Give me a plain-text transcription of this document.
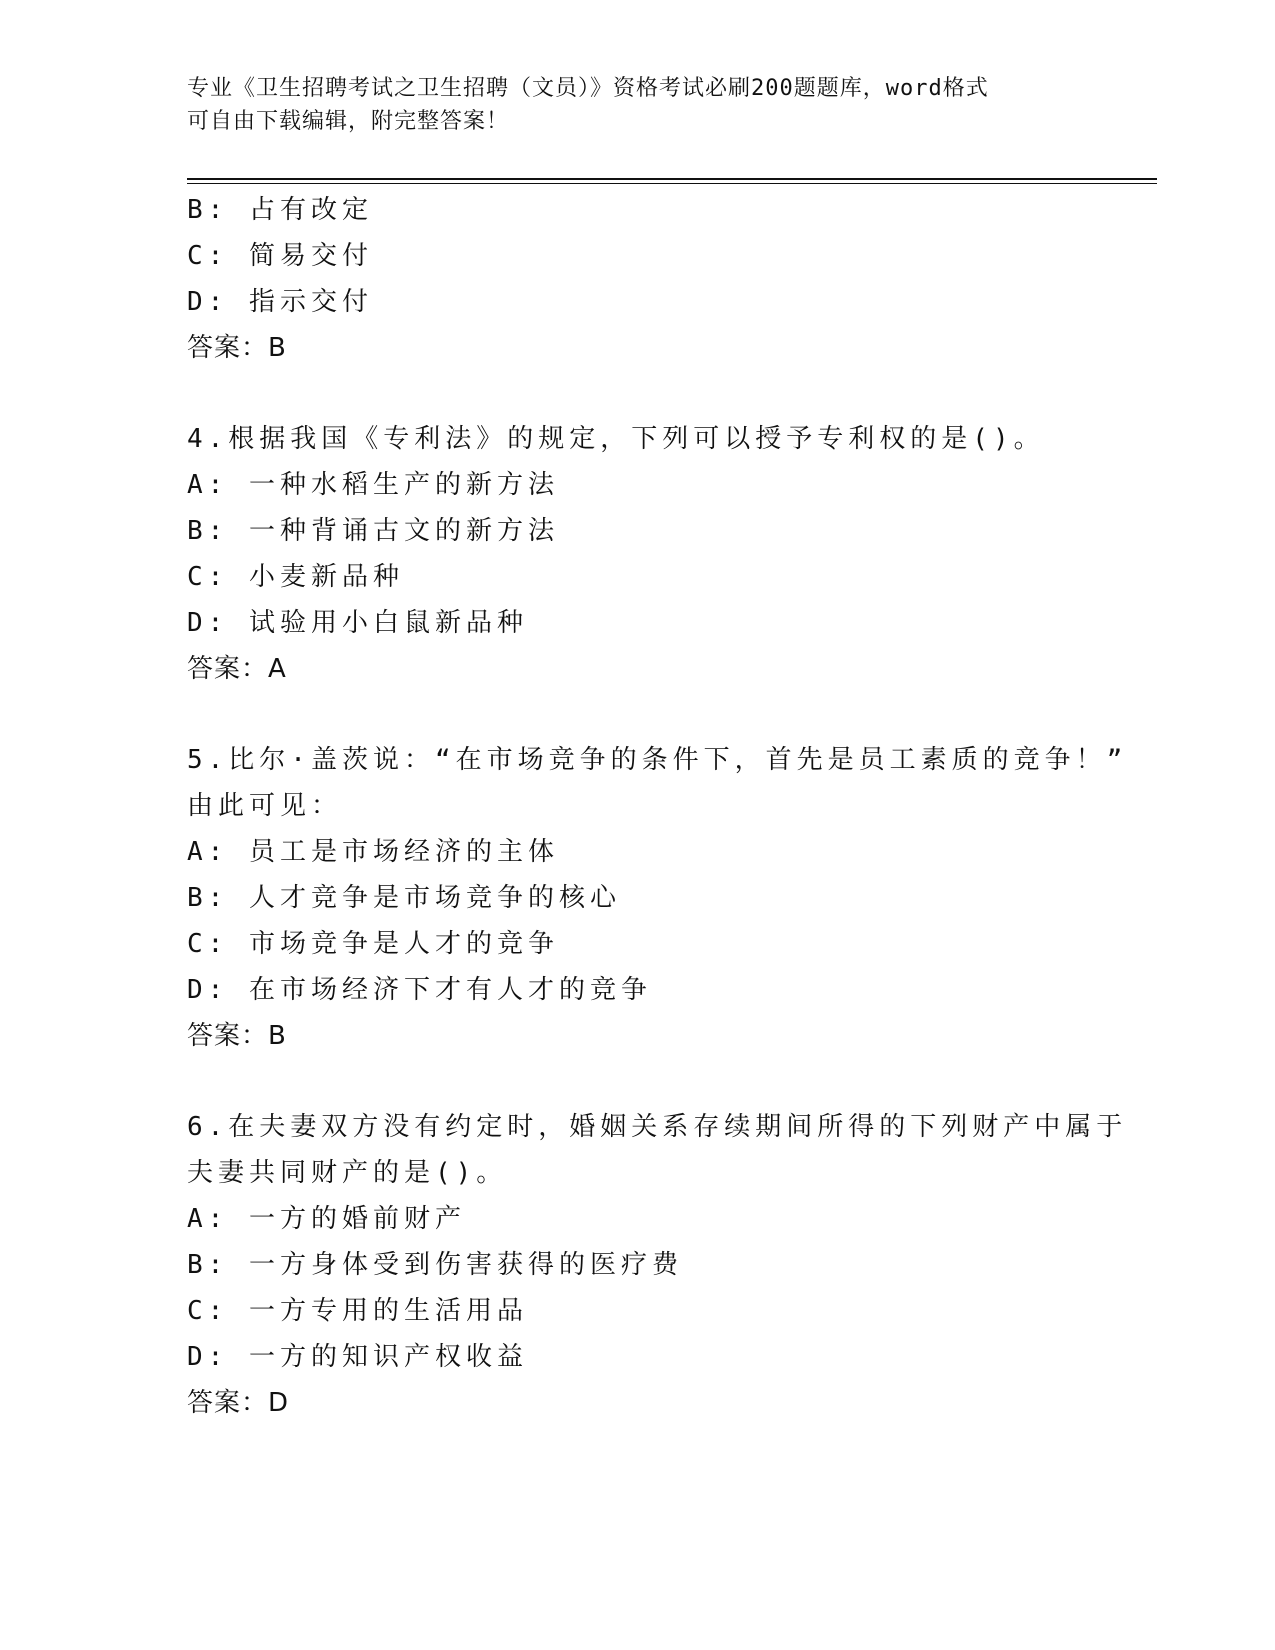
专业《卫生招聘考试之卫生招聘（文员）》资格考试必刷200题题库，word格式
可自由下载编辑，附完整答案！
B: 占有改定
C: 简易交付
D: 指示交付
答案：B
4.根据我国《专利法》的规定，下列可以授予专利权的是()。
A: 一种水稻生产的新方法
B: 一种背诵古文的新方法
C: 小麦新品种
D: 试验用小白鼠新品种
答案：A
5.比尔·盖茨说：“在市场竞争的条件下，首先是员工素质的竞争！”
由此可见：
A: 员工是市场经济的主体
B: 人才竞争是市场竞争的核心
C: 市场竞争是人才的竞争
D: 在市场经济下才有人才的竞争
答案：B
6.在夫妻双方没有约定时，婚姻关系存续期间所得的下列财产中属于
夫妻共同财产的是()。
A: 一方的婚前财产
B: 一方身体受到伤害获得的医疗费
C: 一方专用的生活用品
D: 一方的知识产权收益
答案：D
